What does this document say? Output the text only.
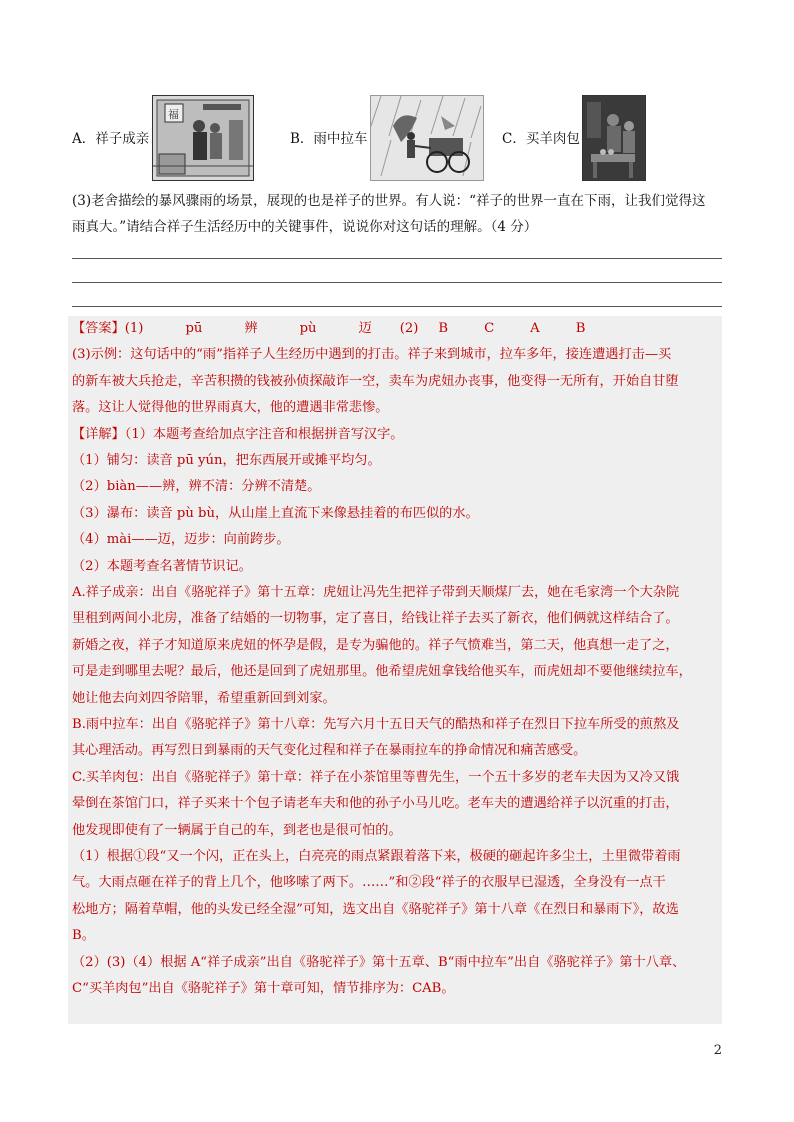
A．祥子成亲
福
B．雨中拉车	C．买羊肉包

(3)老舍描绘的暴风骤雨的场景，展现的也是祥子的世界。有人说：“祥子的世界一直在下雨，让我们觉得这

雨真大。”请结合祥子生活经历中的关键事件，说说你对这句话的理解。（4 分）

【答案】(1)	pū	辨	pù	迈 (2) B	C	A	B
(3)示例：这句话中的“雨”指祥子人生经历中遇到的打击。祥子来到城市，拉车多年，接连遭遇打击—买
的新车被大兵抢走，辛苦积攒的钱被孙侦探敲诈一空，卖车为虎妞办丧事，他变得一无所有，开始自甘堕
落。这让人觉得他的世界雨真大，他的遭遇非常悲惨。
【详解】（1）本题考查给加点字注音和根据拼音写汉字。
（1）铺匀：读音 pū yún，把东西展开或摊平均匀。
（2）biàn——辨，辨不清：分辨不清楚。
（3）瀑布：读音 pù bù，从山崖上直流下来像悬挂着的布匹似的水。
（4）mài——迈，迈步：向前跨步。
（2）本题考查名著情节识记。
A.祥子成亲：出自《骆驼祥子》第十五章：虎妞让冯先生把祥子带到天顺煤厂去，她在毛家湾一个大杂院
里租到两间小北房，准备了结婚的一切物事，定了喜日，给钱让祥子去买了新衣，他们俩就这样结合了。
新婚之夜，祥子才知道原来虎妞的怀孕是假，是专为骗他的。祥子气愤难当，第二天，他真想一走了之，
可是走到哪里去呢？最后，他还是回到了虎妞那里。他希望虎妞拿钱给他买车，而虎妞却不要他继续拉车，
她让他去向刘四爷陪罪，希望重新回到刘家。
B.雨中拉车：出自《骆驼祥子》第十八章：先写六月十五日天气的酷热和祥子在烈日下拉车所受的煎熬及
其心理活动。再写烈日到暴雨的天气变化过程和祥子在暴雨拉车的挣命情况和痛苦感受。
C.买羊肉包：出自《骆驼祥子》第十章：祥子在小茶馆里等曹先生，一个五十多岁的老车夫因为又冷又饿
晕倒在茶馆门口，祥子买来十个包子请老车夫和他的孙子小马儿吃。老车夫的遭遇给祥子以沉重的打击，
他发现即使有了一辆属于自己的车，到老也是很可怕的。
（1）根据①段“又一个闪，正在头上，白亮亮的雨点紧跟着落下来，极硬的砸起许多尘土，土里微带着雨
气。大雨点砸在祥子的背上几个，他哆嗦了两下。……”和②段“祥子的衣服早已湿透，全身没有一点干
松地方；隔着草帽，他的头发已经全湿”可知，选文出自《骆驼祥子》第十八章《在烈日和暴雨下》，故选
B。
（2）(3)（4）根据 A“祥子成亲”出自《骆驼祥子》第十五章、B“雨中拉车”出自《骆驼祥子》第十八章、
C“买羊肉包”出自《骆驼祥子》第十章可知，情节排序为：CAB。
2
